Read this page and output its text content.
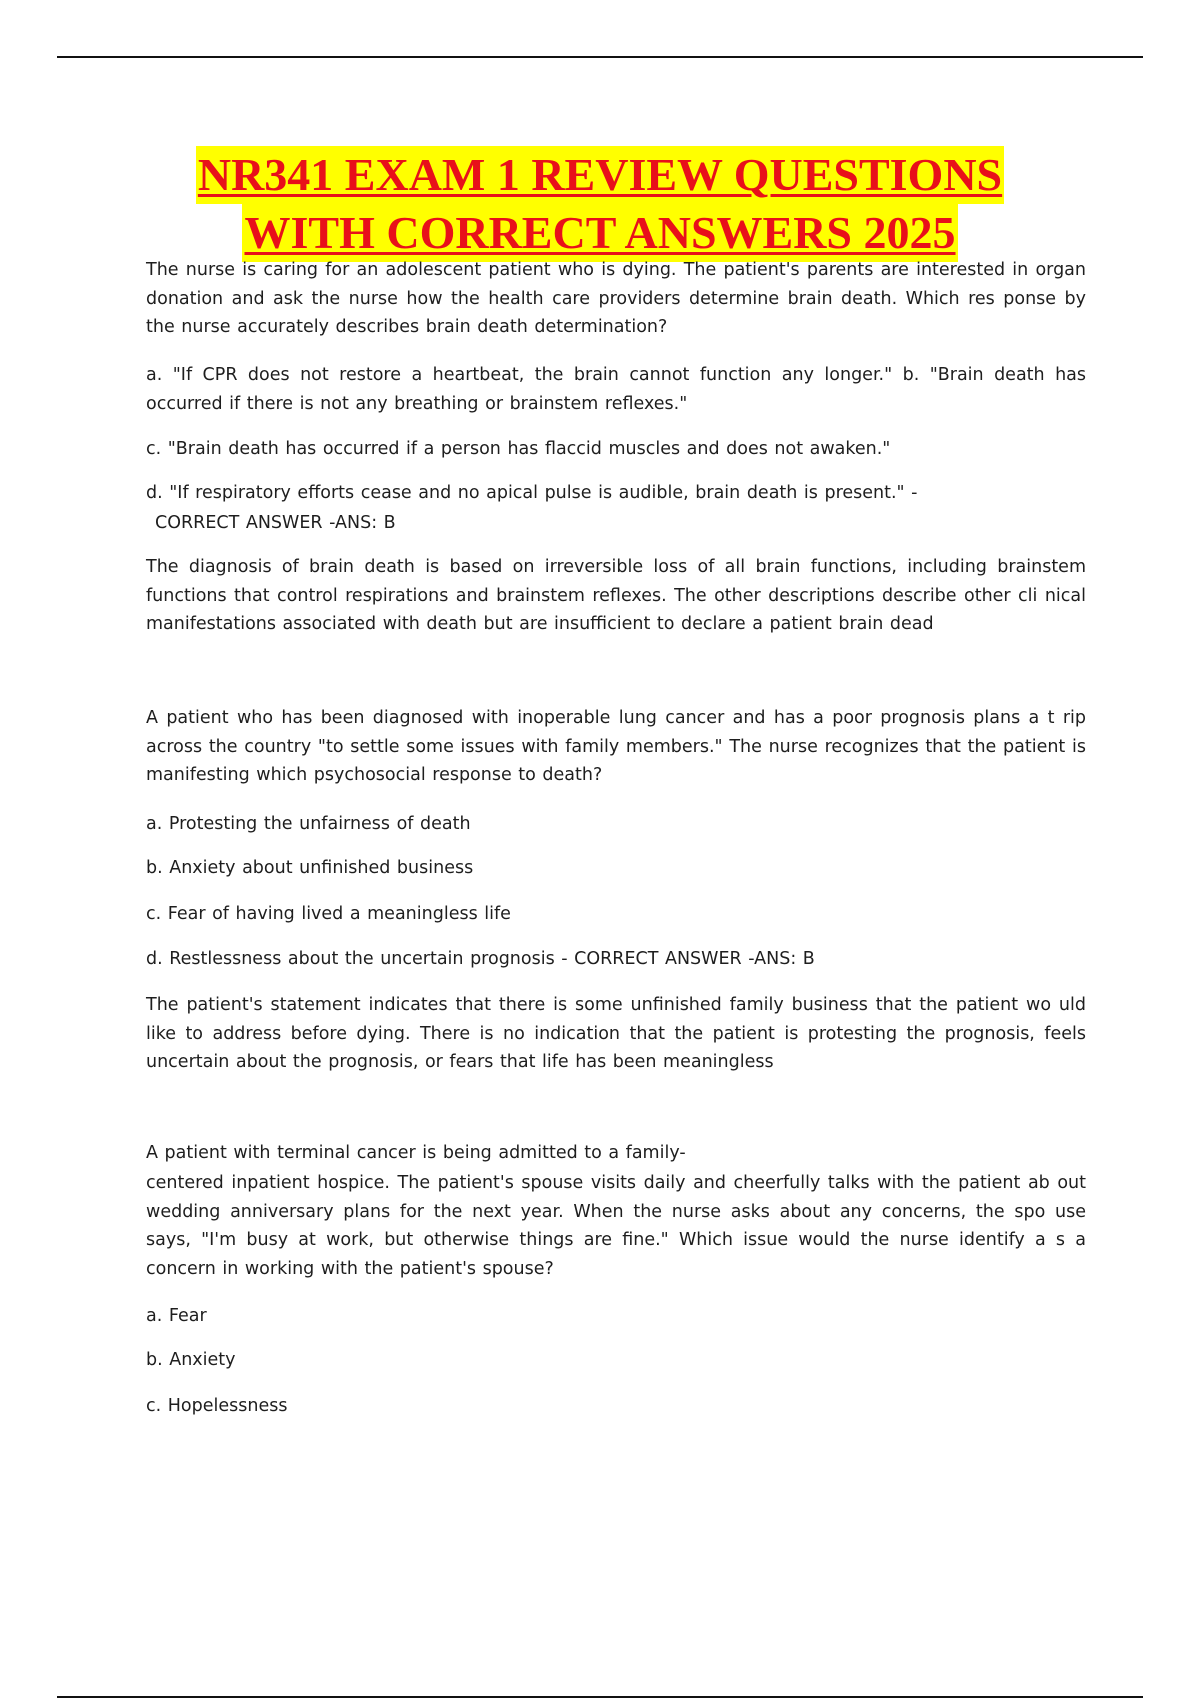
NR341 EXAM 1 REVIEW QUESTIONS
WITH CORRECT ANSWERS 2025

The nurse is caring for an adolescent patient who is dying. The patient's parents are interested in organ donation and ask the nurse how the health care providers determine brain death. Which res ponse by the nurse accurately describes brain death determination?

a. "If CPR does not restore a heartbeat, the brain cannot function any longer." b. "Brain death has occurred if there is not any breathing or brainstem reflexes."

c. "Brain death has occurred if a person has flaccid muscles and does not awaken."

d. "If respiratory efforts cease and no apical pulse is audible, brain death is present." -

CORRECT ANSWER -ANS: B

The diagnosis of brain death is based on irreversible loss of all brain functions, including brainstem functions that control respirations and brainstem reflexes. The other descriptions describe other cli nical manifestations associated with death but are insufficient to declare a patient brain dead

A patient who has been diagnosed with inoperable lung cancer and has a poor prognosis plans a t rip across the country "to settle some issues with family members." The nurse recognizes that the patient is manifesting which psychosocial response to death?

a. Protesting the unfairness of death

b. Anxiety about unfinished business

c. Fear of having lived a meaningless life

d. Restlessness about the uncertain prognosis - CORRECT ANSWER -ANS: B

The patient's statement indicates that there is some unfinished family business that the patient wo uld like to address before dying. There is no indication that the patient is protesting the prognosis, feels uncertain about the prognosis, or fears that life has been meaningless

A patient with terminal cancer is being admitted to a family-

centered inpatient hospice. The patient's spouse visits daily and cheerfully talks with the patient ab out wedding anniversary plans for the next year. When the nurse asks about any concerns, the spo use says, "I'm busy at work, but otherwise things are fine." Which issue would the nurse identify a s a concern in working with the patient's spouse?

a. Fear

b. Anxiety

c. Hopelessness
